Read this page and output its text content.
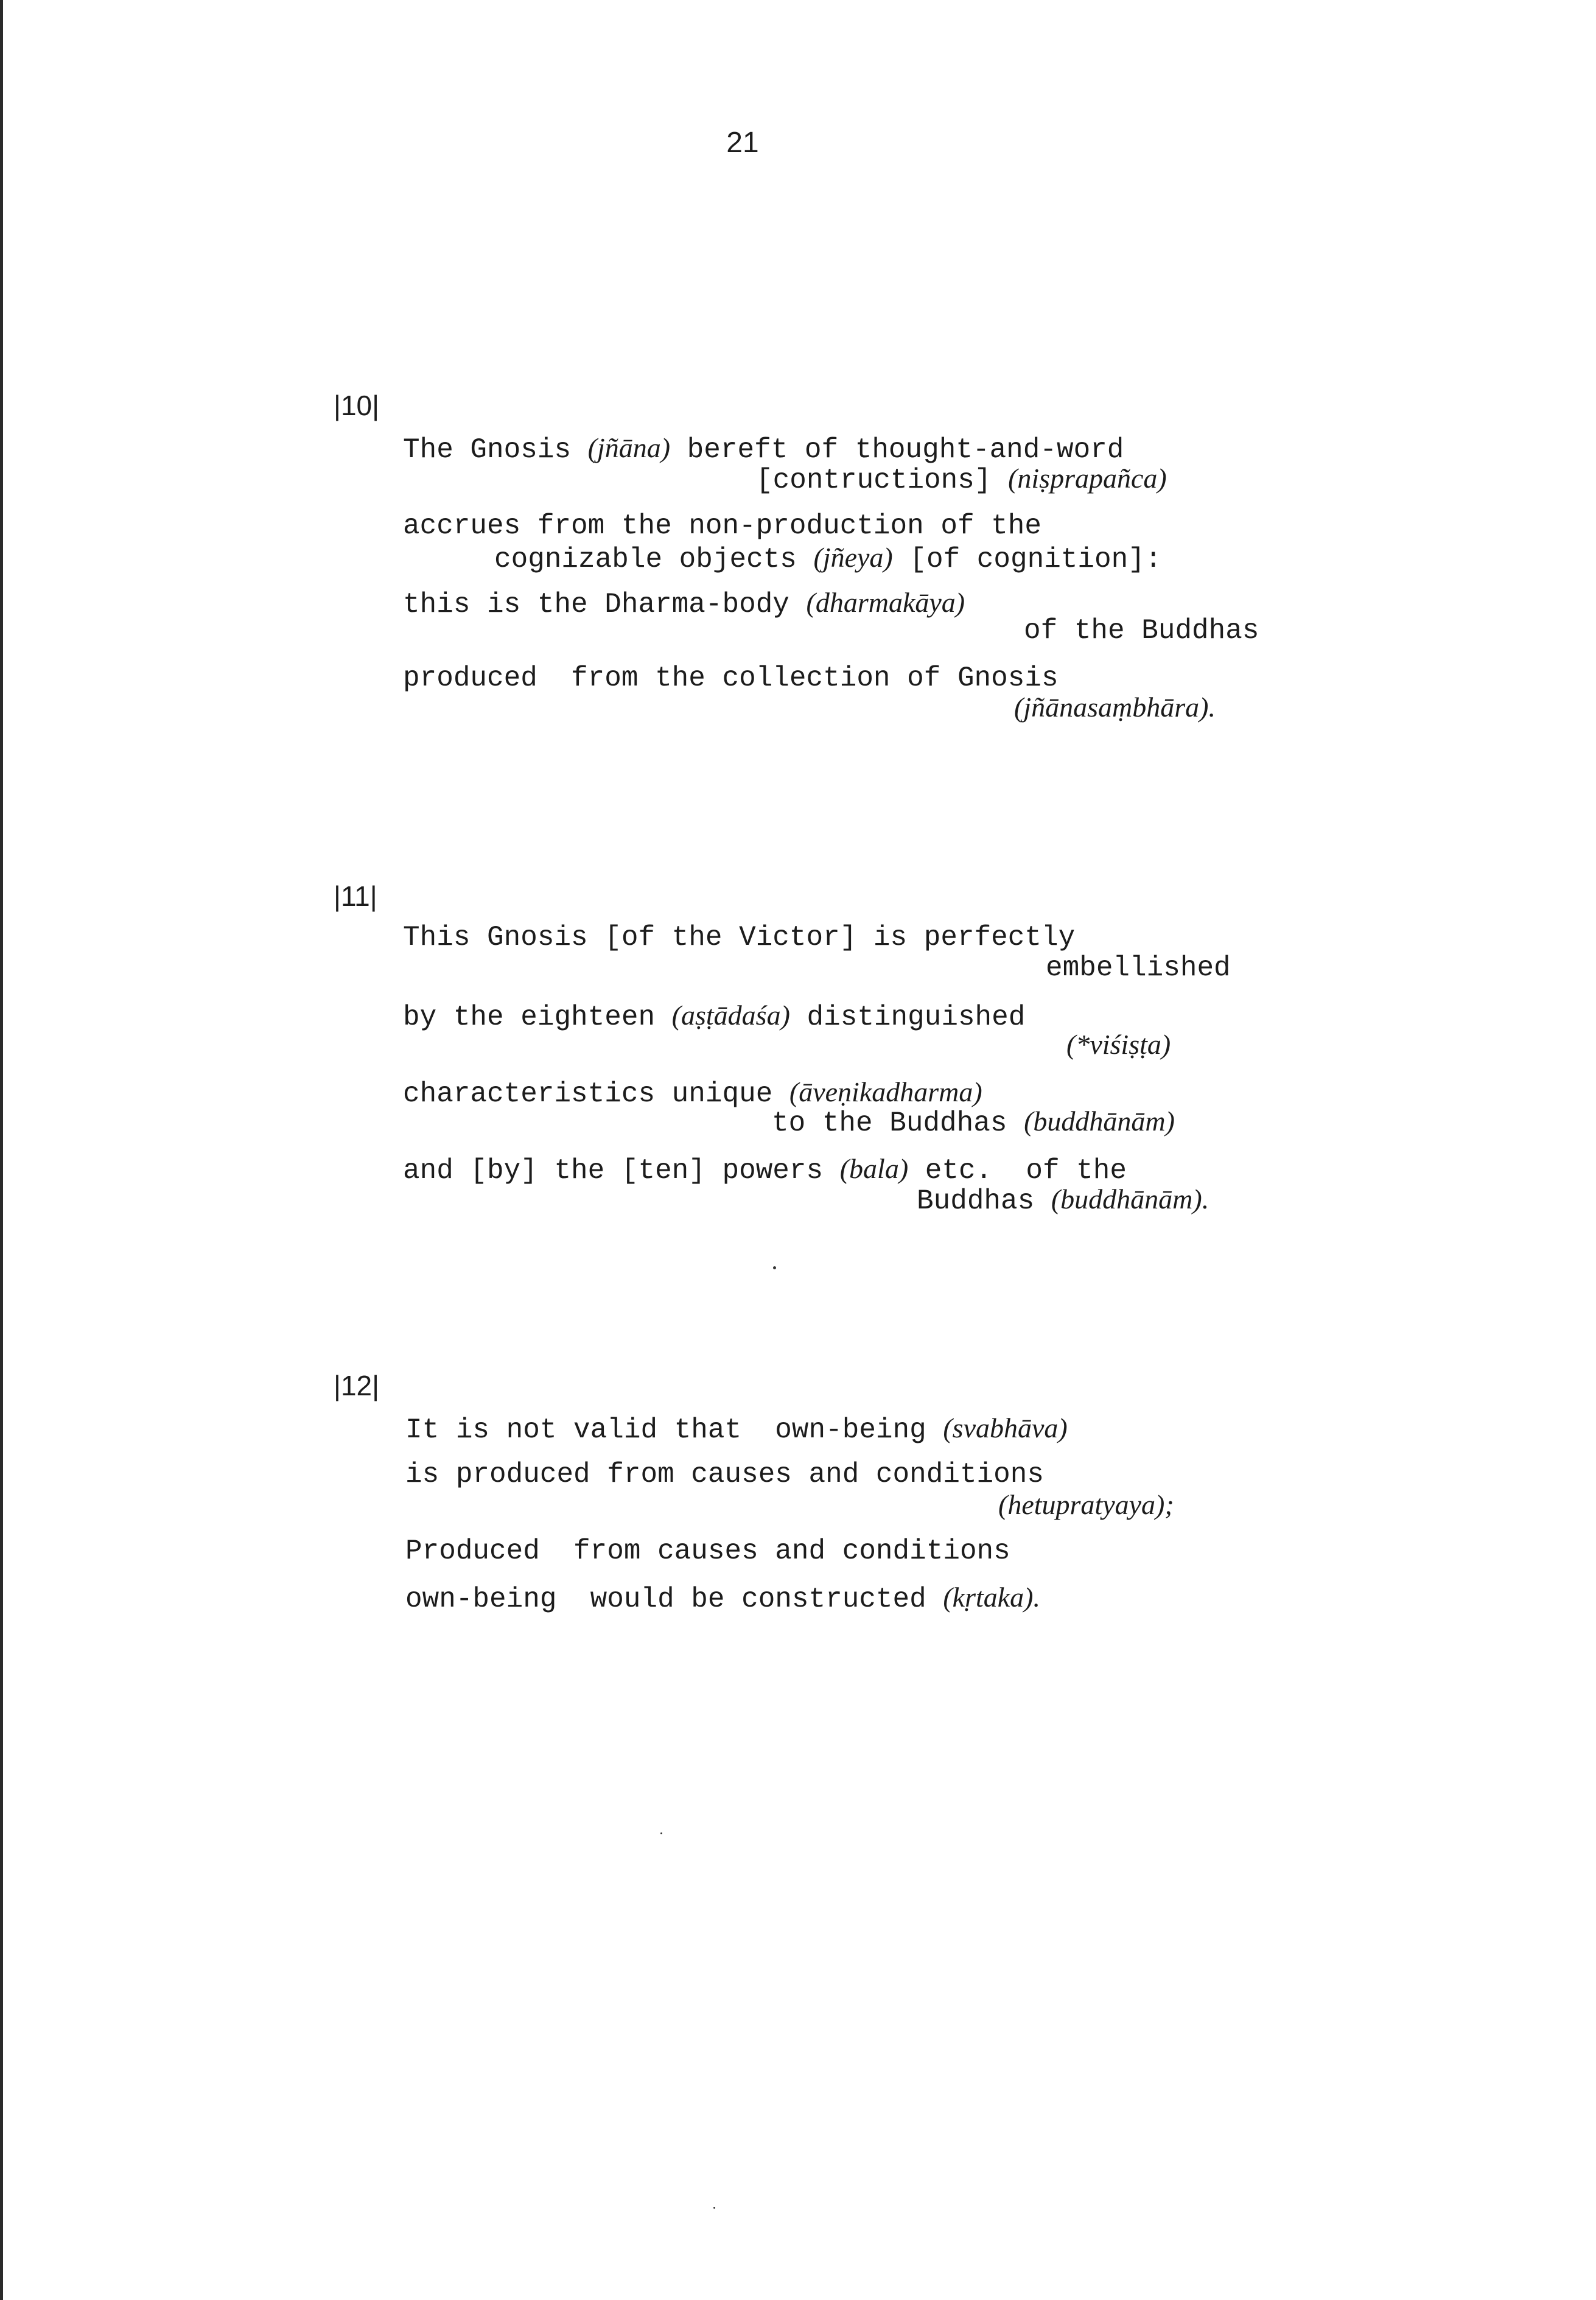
21
|10|
The Gnosis (jñāna) bereft of thought-and-word
[contructions] (niṣprapañca)
accrues from the non-production of the
cognizable objects (jñeya) [of cognition]:
this is the Dharma-body (dharmakāya)
of the Buddhas
produced  from the collection of Gnosis
(jñānasaṃbhāra).
|11|
This Gnosis [of the Victor] is perfectly
embellished
by the eighteen (aṣṭādaśa) distinguished
(*viśiṣṭa)
characteristics unique (āveṇikadharma)
to the Buddhas (buddhānām)
and [by] the [ten] powers (bala) etc.  of the
Buddhas (buddhānām).
|12|
It is not valid that  own-being (svabhāva)
is produced from causes and conditions
(hetupratyaya);
Produced  from causes and conditions
own-being  would be constructed (kṛtaka).
